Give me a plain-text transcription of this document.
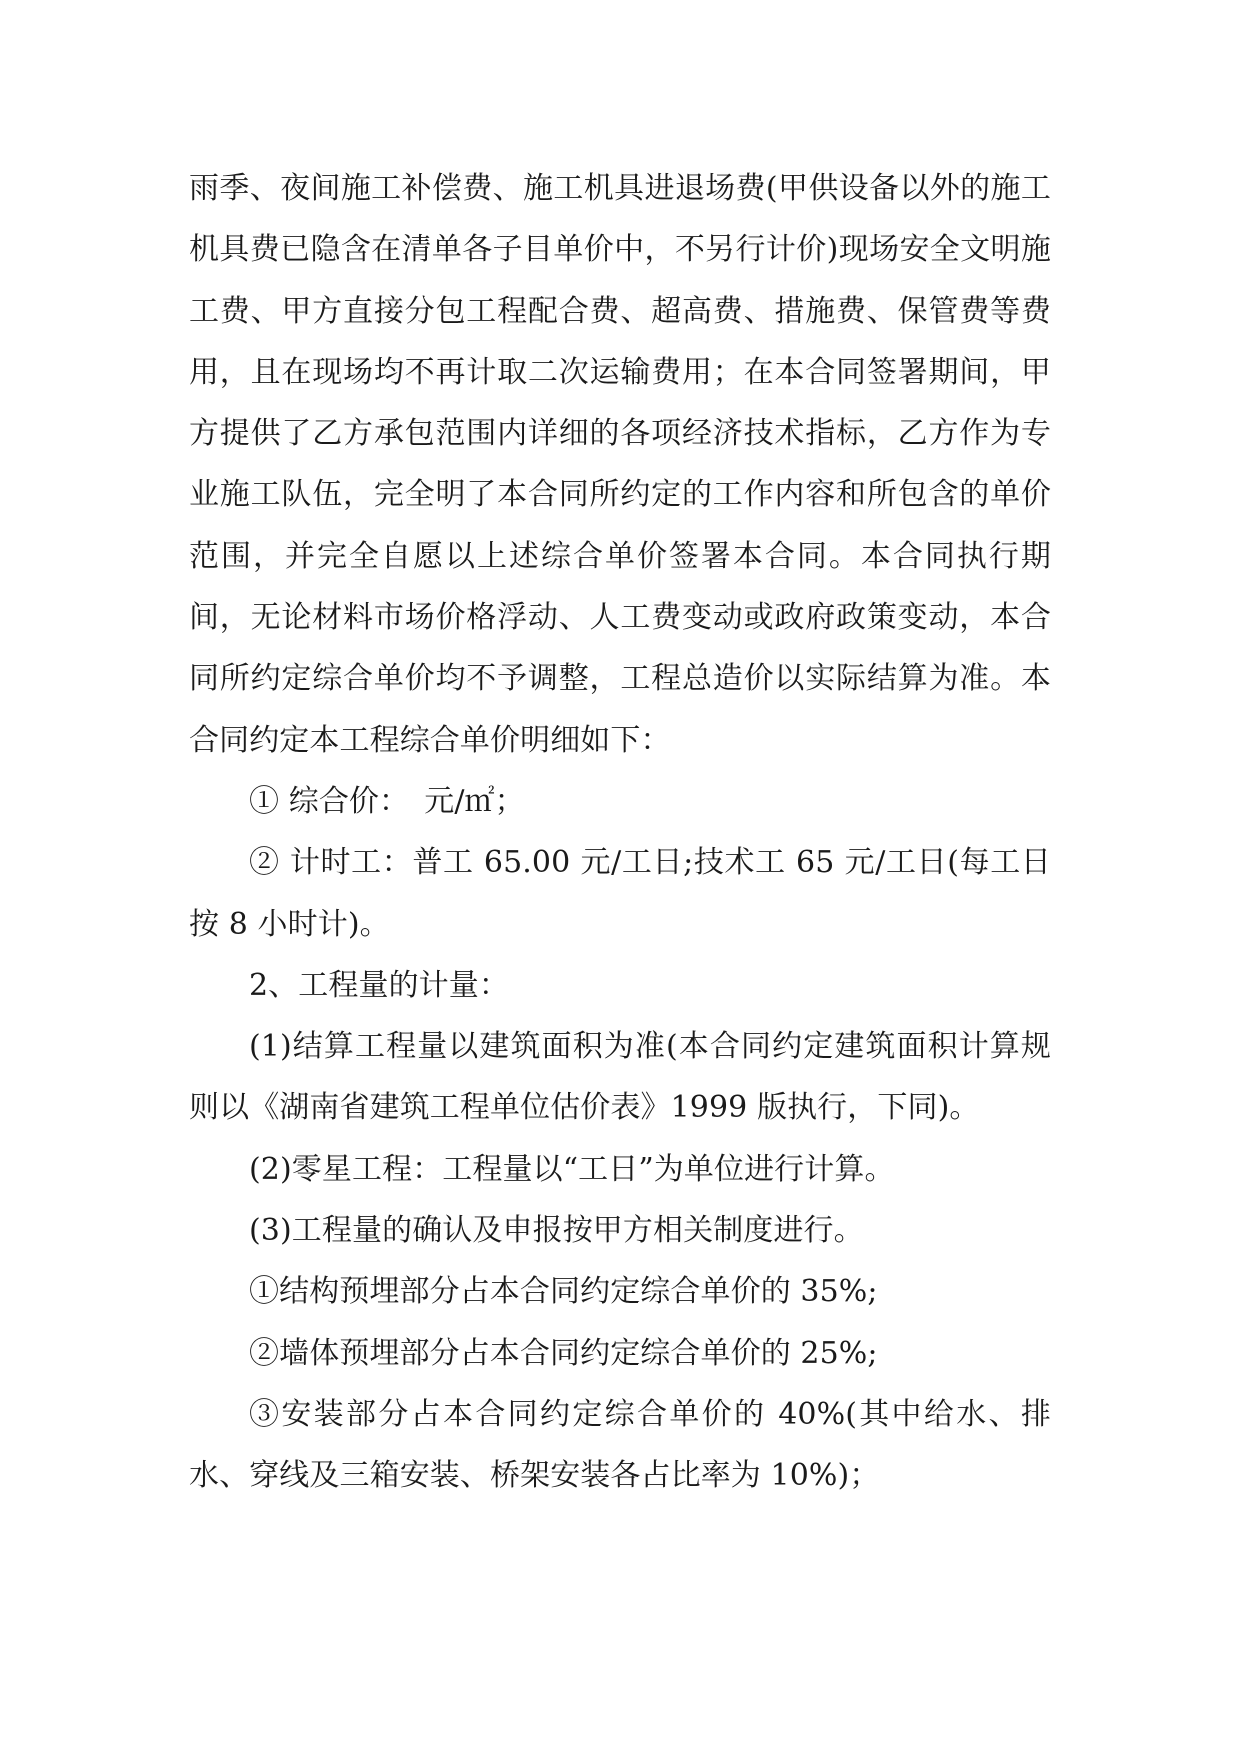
雨季、夜间施工补偿费、施工机具进退场费(甲供设备以外的施工机具费已隐含在清单各子目单价中，不另行计价)现场安全文明施工费、甲方直接分包工程配合费、超高费、措施费、保管费等费用，且在现场均不再计取二次运输费用；在本合同签署期间，甲方提供了乙方承包范围内详细的各项经济技术指标，乙方作为专业施工队伍，完全明了本合同所约定的工作内容和所包含的单价范围，并完全自愿以上述综合单价签署本合同。本合同执行期间，无论材料市场价格浮动、人工费变动或政府政策变动，本合同所约定综合单价均不予调整，工程总造价以实际结算为准。本合同约定本工程综合单价明细如下：

① 综合价：　元/㎡；

② 计时工：普工 65.00 元/工日;技术工 65 元/工日(每工日按 8 小时计)。

2、工程量的计量：

(1)结算工程量以建筑面积为准(本合同约定建筑面积计算规则以《湖南省建筑工程单位估价表》1999 版执行，下同)。

(2)零星工程：工程量以“工日”为单位进行计算。

(3)工程量的确认及申报按甲方相关制度进行。

①结构预埋部分占本合同约定综合单价的 35%;

②墙体预埋部分占本合同约定综合单价的 25%;

③安装部分占本合同约定综合单价的 40%(其中给水、排水、穿线及三箱安装、桥架安装各占比率为 10%)；
